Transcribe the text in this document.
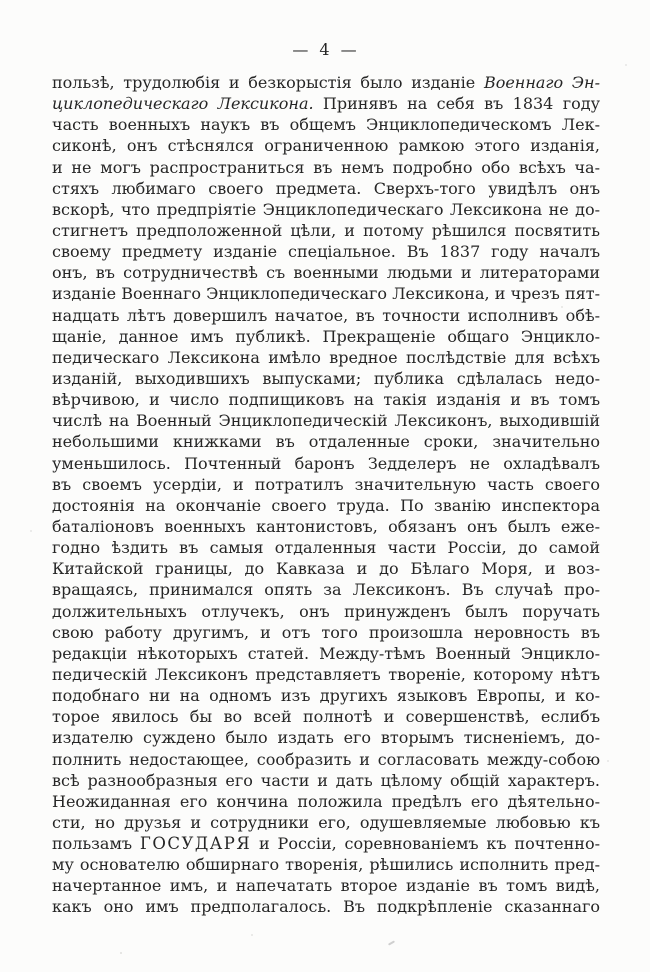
— 4 —
пользѣ, трудолюбія и безкорыстія было изданіе Военнаго Эн-
циклопедическаго Лексикона. Принявъ на себя въ 1834 году
часть военныхъ наукъ въ общемъ Энциклопедическомъ Лек-
сиконѣ, онъ стѣснялся ограниченною рамкою этого изданія,
и не могъ распространиться въ немъ подробно обо всѣхъ ча-
стяхъ любимаго своего предмета. Сверхъ-того увидѣлъ онъ
вскорѣ, что предпріятіе Энциклопедическаго Лексикона не до-
стигнетъ предположенной цѣли, и потому рѣшился посвятить
своему предмету изданіе спеціальное. Въ 1837 году началъ
онъ, въ сотрудничествѣ съ военными людьми и литераторами
изданіе Военнаго Энциклопедическаго Лексикона, и чрезъ пят-
надцать лѣтъ довершилъ начатое, въ точности исполнивъ обѣ-
щаніе, данное имъ публикѣ. Прекращеніе общаго Энцикло-
педическаго Лексикона имѣло вредное послѣдствіе для всѣхъ
изданій, выходившихъ выпусками; публика сдѣлалась недо-
вѣрчивою, и число подпищиковъ на такія изданія и въ томъ
числѣ на Военный Энциклопедическій Лексиконъ, выходившій
небольшими книжками въ отдаленные сроки, значительно
уменьшилось. Почтенный баронъ Зедделеръ не охладѣвалъ
въ своемъ усердіи, и потратилъ значительную часть своего
достоянія на окончаніе своего труда. По званію инспектора
баталіоновъ военныхъ кантонистовъ, обязанъ онъ былъ еже-
годно ѣздить въ самыя отдаленныя части Россіи, до самой
Китайской границы, до Кавказа и до Бѣлаго Моря, и воз-
вращаясь, принимался опять за Лексиконъ. Въ случаѣ про-
должительныхъ отлучекъ, онъ принужденъ былъ поручать
свою работу другимъ, и отъ того произошла неровность въ
редакціи нѣкоторыхъ статей. Между-тѣмъ Военный Энцикло-
педическій Лексиконъ представляетъ твореніе, которому нѣтъ
подобнаго ни на одномъ изъ другихъ языковъ Европы, и ко-
торое явилось бы во всей полнотѣ и совершенствѣ, еслибъ
издателю суждено было издать его вторымъ тисненіемъ, до-
полнить недостающее, сообразить и согласовать между-собою
всѣ разнообразныя его части и дать цѣлому общій характеръ.
Неожиданная его кончина положила предѣлъ его дѣятельно-
сти, но друзья и сотрудники его, одушевляемые любовью къ
пользамъ ГОСУДАРЯ и Россіи, соревнованіемъ къ почтенно-
му основателю обширнаго творенія, рѣшились исполнить пред-
начертанное имъ, и напечатать второе изданіе въ томъ видѣ,
какъ оно имъ предполагалось. Въ подкрѣпленіе сказаннаго
